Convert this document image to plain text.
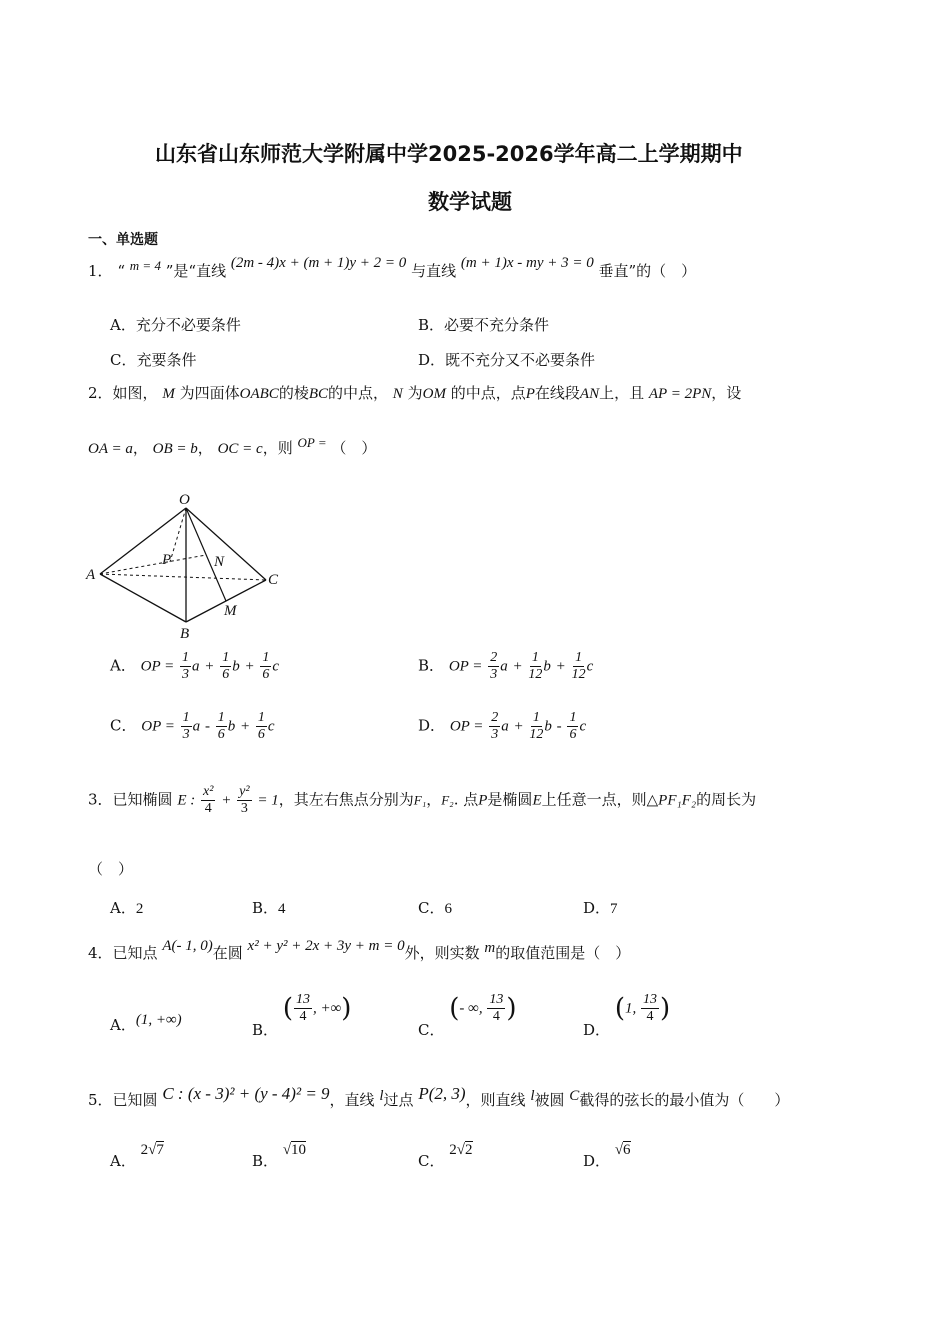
山东省山东师范大学附属中学2025-2026学年高二上学期期中
数学试题
一、单选题
1． “ m = 4 ”是“直线 (2m - 4)x + (m + 1)y + 2 = 0 与直线 (m + 1)x - my + 3 = 0 垂直”的（　）
A．充分不必要条件	B．必要不充分条件
C．充要条件	D．既不充分又不必要条件
2．如图， M 为四面体OABC的棱BC的中点， N 为OM 的中点，点P在线段AN上，且 AP = 2PN，设
OA = a， OB = b， OC = c，则 OP = （　）
O
A
B
C
M
N
P
A． OP = $\frac{1}{3}$ $a + \frac{1}{6}$ $b + \frac{1}{6}$ c	B． OP = $\frac{2}{3}$ $a + \frac{1}{12}$ $b + \frac{1}{12}$ c
C． OP = $\frac{1}{3}$ a - $\frac{1}{6}$ $b + \frac{1}{6}$ c	D． OP = $\frac{2}{3}$ $a + \frac{1}{12}$ b - $\frac{1}{6}$ c
3．已知椭圆 E : $\frac{\text{x²}}{4} + \frac{\text{y²}}{3} = 1$，其左右焦点分别为F₁，F₂. 点P是椭圆E上任意一点，则△PF₁F₂的周长为
（　）
A．2	B．4	C．6	D．7
4．已知点 A(- 1, 0)在圆 x² + y² + 2x + 3y + m = 0外，则实数 m的取值范围是（　）
A．(1, +∞)
B． ( $\frac{13}{4}$ , +∞)
C． (- ∞, $\frac{13}{4}$ )
D． (1, $\frac{13}{4}$ )
5．已知圆 C : (x - 3)² + (y - 4)² = 9，直线 l过点 P(2, 3)，则直线 l被圆 C截得的弦长的最小值为（　　）
A． 2√7
B． √10
C． 2√2
D． √6
